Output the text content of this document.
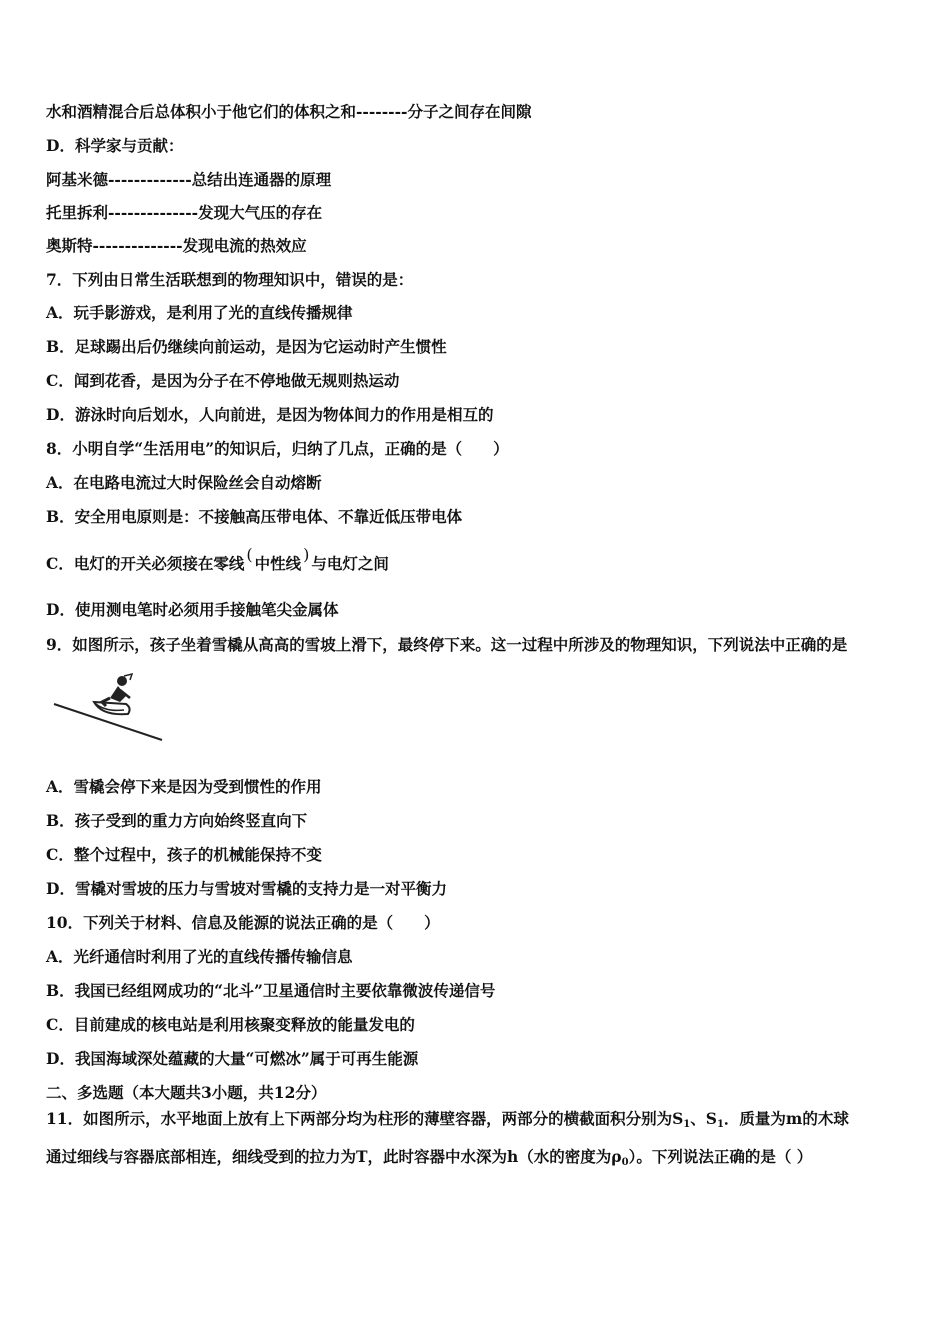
水和酒精混合后总体积小于他它们的体积之和--------分子之间存在间隙
D．科学家与贡献：
阿基米德-------------总结出连通器的原理
托里拆利--------------发现大气压的存在
奥斯特--------------发现电流的热效应
7．下列由日常生活联想到的物理知识中，错误的是：
A．玩手影游戏，是利用了光的直线传播规律
B．足球踢出后仍继续向前运动，是因为它运动时产生惯性
C．闻到花香，是因为分子在不停地做无规则热运动
D．游泳时向后划水，人向前进，是因为物体间力的作用是相互的
8．小明自学“生活用电”的知识后，归纳了几点，正确的是（　　）
A．在电路电流过大时保险丝会自动熔断
B．安全用电原则是：不接触高压带电体、不靠近低压带电体
C．电灯的开关必须接在零线 ( 中性线 ) 与电灯之间
D．使用测电笔时必须用手接触笔尖金属体
9．如图所示，孩子坐着雪橇从高高的雪坡上滑下，最终停下来。这一过程中所涉及的物理知识，下列说法中正确的是
A．雪橇会停下来是因为受到惯性的作用
B．孩子受到的重力方向始终竖直向下
C．整个过程中，孩子的机械能保持不变
D．雪橇对雪坡的压力与雪坡对雪橇的支持力是一对平衡力
10．下列关于材料、信息及能源的说法正确的是（　　）
A．光纤通信时利用了光的直线传播传输信息
B．我国已经组网成功的“北斗”卫星通信时主要依靠微波传递信号
C．目前建成的核电站是利用核聚变释放的能量发电的
D．我国海域深处蕴藏的大量“可燃冰”属于可再生能源
二、多选题（本大题共3小题，共12分）
11．如图所示，水平地面上放有上下两部分均为柱形的薄壁容器，两部分的横截面积分别为$S_1$、$S_1$．质量为m的木球
通过细线与容器底部相连，细线受到的拉力为T，此时容器中水深为h（水的密度为$\rho_0$）。下列说法正确的是（ ）
